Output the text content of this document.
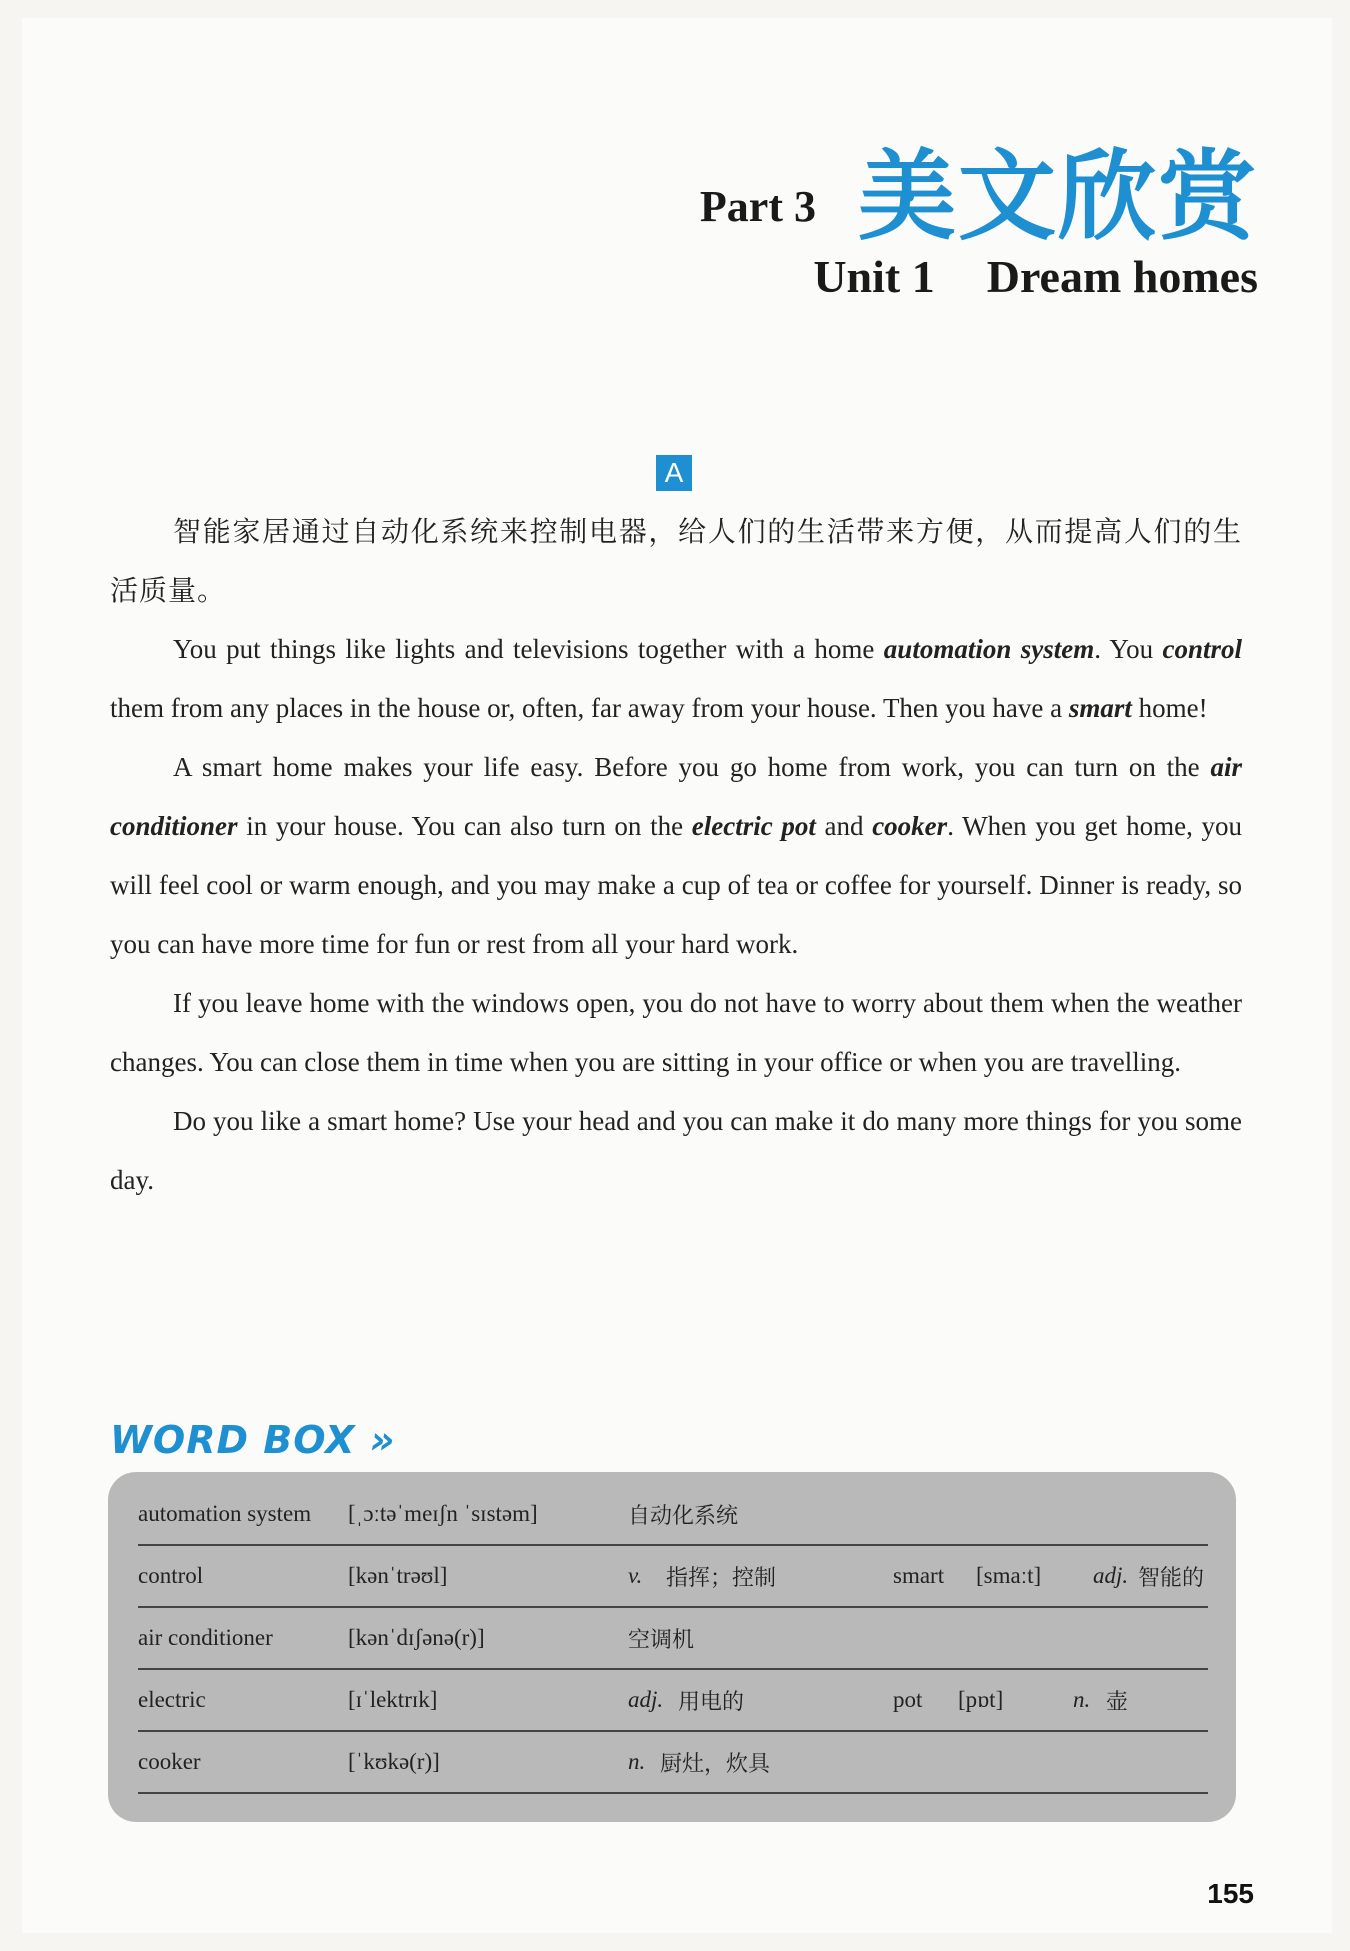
Part 3 美文欣赏
Unit 1 Dream homes
A

智能家居通过自动化系统来控制电器，给人们的生活带来方便，从而提高人们的生活质量。

You put things like lights and televisions together with a home automation system. You control them from any places in the house or, often, far away from your house. Then you have a smart home!

A smart home makes your life easy. Before you go home from work, you can turn on the air conditioner in your house. You can also turn on the electric pot and cooker. When you get home, you will feel cool or warm enough, and you may make a cup of tea or coffee for yourself. Dinner is ready, so you can have more time for fun or rest from all your hard work.

If you leave home with the windows open, you do not have to worry about them when the weather changes. You can close them in time when you are sitting in your office or when you are travelling.

Do you like a smart home? Use your head and you can make it do many more things for you some day.

WORD BOX »
automation system [ˌɔːtəˈmeɪʃn ˈsɪstəm]	自动化系统
control	[kənˈtrəʊl]	v. 指挥；控制	smart [smaːt] adj. 智能的
air conditioner	[kənˈdɪʃənə(r)]	空调机
electric	[ɪˈlektrɪk]	adj. 用电的	pot [pɒt]	n. 壶
cooker	[ˈkʊkə(r)]	n. 厨灶，炊具
155
